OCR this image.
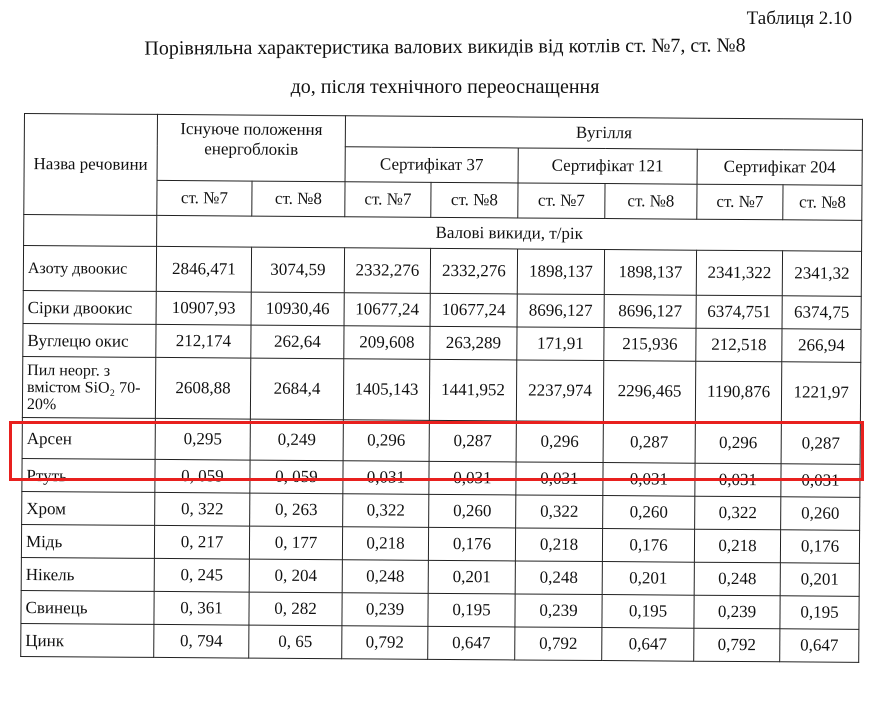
Таблиця 2.10
Порівняльна характеристика валових викидів від котлів ст. №7, ст. №8
до, після технічного переоснащення
Назва речовини	Існуюче положення енергоблоків		Вугілля					
			Сертифікат 37		Сертифікат 121		Сертифікат 204	
	ст. №7	ст. №8	ст. №7	ст. №8	ст. №7	ст. №8	ст. №7	ст. №8
	Валові викиди, т/рік							
Азоту двоокис	2846,471	3074,59	2332,276	2332,276	1898,137	1898,137	2341,322	2341,32
Сірки двоокис	10907,93	10930,46	10677,24	10677,24	8696,127	8696,127	6374,751	6374,75
Вуглецю окис	212,174	262,64	209,608	263,289	171,91	215,936	212,518	266,94
Пил неорг. з вмістом SiO₂ 70-20%	2608,88	2684,4	1405,143	1441,952	2237,974	2296,465	1190,876	1221,97
Арсен	0,295	0,249	0,296	0,287	0,296	0,287	0,296	0,287
Ртуть	0, 059	0, 059	0,031	0,031	0,031	0,031	0,031	0,031
Хром	0, 322	0, 263	0,322	0,260	0,322	0,260	0,322	0,260
Мідь	0, 217	0, 177	0,218	0,176	0,218	0,176	0,218	0,176
Нікель	0, 245	0, 204	0,248	0,201	0,248	0,201	0,248	0,201
Свинець	0, 361	0, 282	0,239	0,195	0,239	0,195	0,239	0,195
Цинк	0, 794	0, 65	0,792	0,647	0,792	0,647	0,792	0,647
